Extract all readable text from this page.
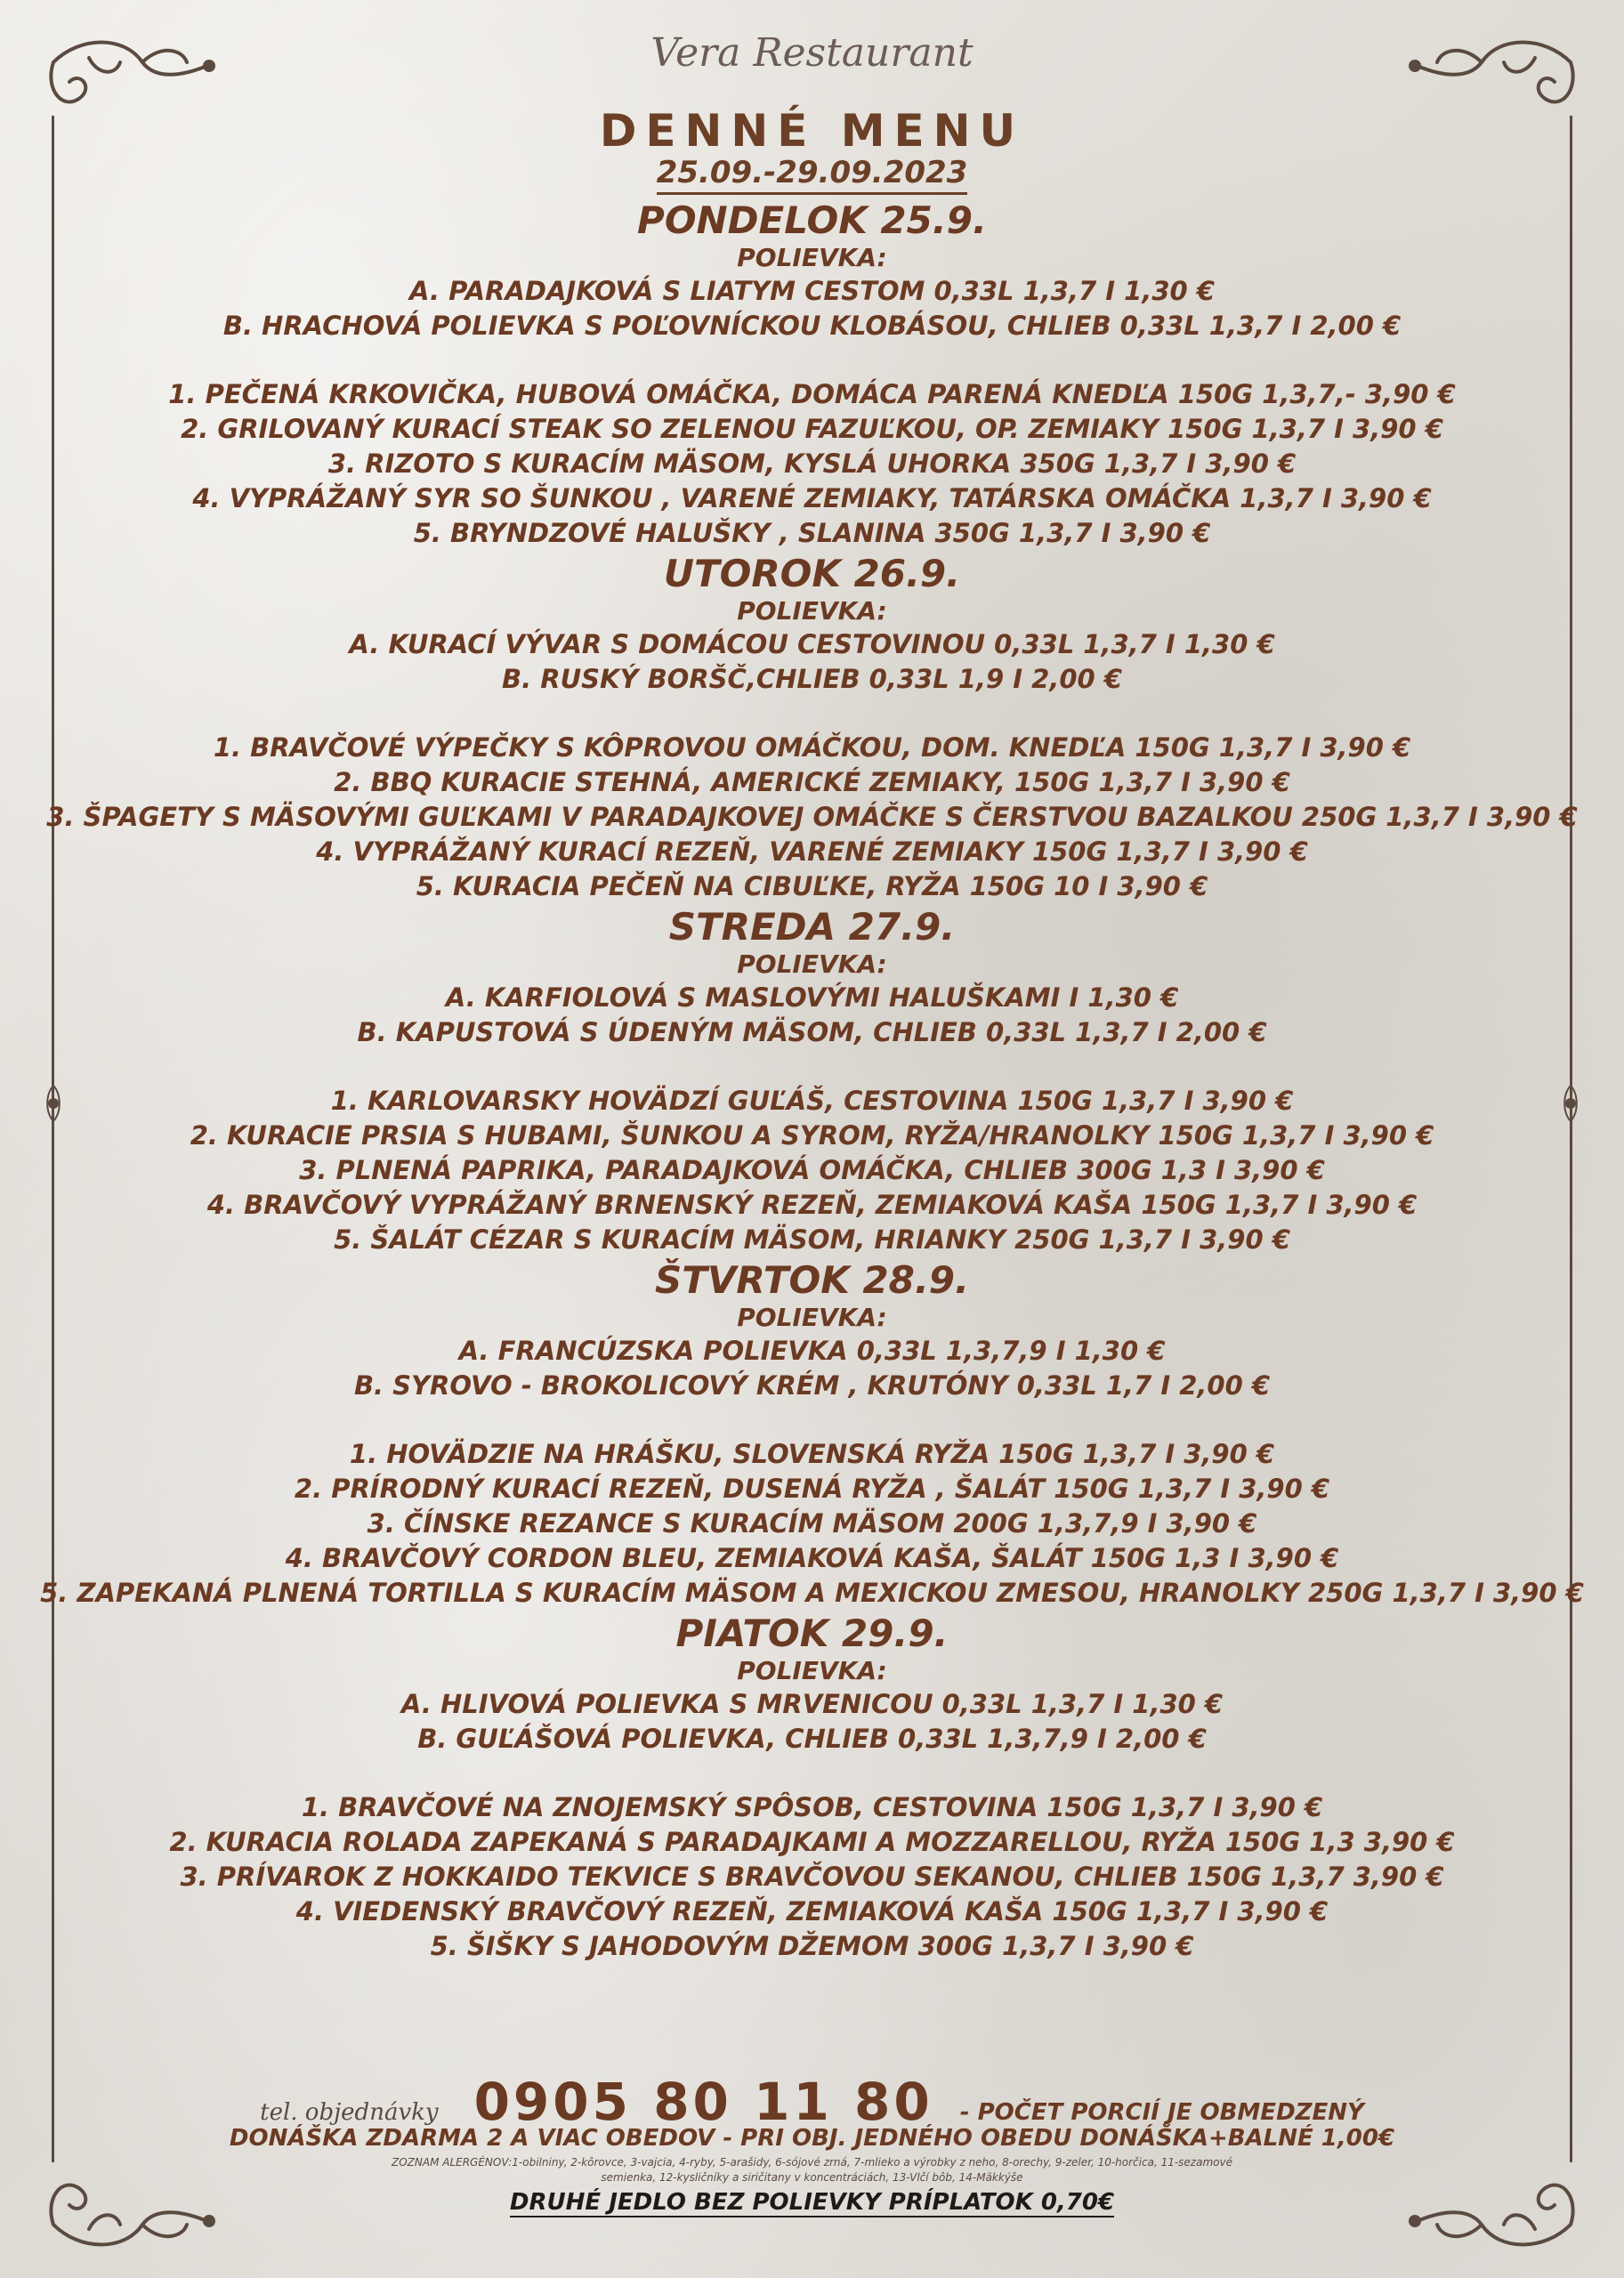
Vera Restaurant
DENNÉ MENU
25.09.-29.09.2023
PONDELOK 25.9.
POLIEVKA:
A. PARADAJKOVÁ S LIATYM CESTOM 0,33L 1,3,7 I 1,30 €
B. HRACHOVÁ POLIEVKA S POĽOVNÍCKOU KLOBÁSOU, CHLIEB 0,33L 1,3,7 I 2,00 €
1. PEČENÁ KRKOVIČKA, HUBOVÁ OMÁČKA, DOMÁCA PARENÁ KNEDĽA 150G 1,3,7,- 3,90 €
2. GRILOVANÝ KURACÍ STEAK SO ZELENOU FAZUĽKOU, OP. ZEMIAKY 150G 1,3,7 I 3,90 €
3. RIZOTO S KURACÍM MÄSOM, KYSLÁ UHORKA 350G 1,3,7 I 3,90 €
4. VYPRÁŽANÝ SYR SO ŠUNKOU , VARENÉ ZEMIAKY, TATÁRSKA OMÁČKA 1,3,7 I 3,90 €
5. BRYNDZOVÉ HALUŠKY , SLANINA 350G 1,3,7 I 3,90 €
UTOROK 26.9.
POLIEVKA:
A. KURACÍ VÝVAR S DOMÁCOU CESTOVINOU 0,33L 1,3,7 I 1,30 €
B. RUSKÝ BORŠČ,CHLIEB 0,33L 1,9 I 2,00 €
1. BRAVČOVÉ VÝPEČKY S KÔPROVOU OMÁČKOU, DOM. KNEDĽA 150G 1,3,7 I 3,90 €
2. BBQ KURACIE STEHNÁ, AMERICKÉ ZEMIAKY, 150G 1,3,7 I 3,90 €
3. ŠPAGETY S MÄSOVÝMI GUĽKAMI V PARADAJKOVEJ OMÁČKE S ČERSTVOU BAZALKOU 250G 1,3,7 I 3,90 €
4. VYPRÁŽANÝ KURACÍ REZEŇ, VARENÉ ZEMIAKY 150G 1,3,7 I 3,90 €
5. KURACIA PEČEŇ NA CIBUĽKE, RYŽA 150G 10 I 3,90 €
STREDA 27.9.
POLIEVKA:
A. KARFIOLOVÁ S MASLOVÝMI HALUŠKAMI I 1,30 €
B. KAPUSTOVÁ S ÚDENÝM MÄSOM, CHLIEB 0,33L 1,3,7 I 2,00 €
1. KARLOVARSKY HOVÄDZÍ GUĽÁŠ, CESTOVINA 150G 1,3,7 I 3,90 €
2. KURACIE PRSIA S HUBAMI, ŠUNKOU A SYROM, RYŽA/HRANOLKY 150G 1,3,7 I 3,90 €
3. PLNENÁ PAPRIKA, PARADAJKOVÁ OMÁČKA, CHLIEB 300G 1,3 I 3,90 €
4. BRAVČOVÝ VYPRÁŽANÝ BRNENSKÝ REZEŇ, ZEMIAKOVÁ KAŠA 150G 1,3,7 I 3,90 €
5. ŠALÁT CÉZAR S KURACÍM MÄSOM, HRIANKY 250G 1,3,7 I 3,90 €
ŠTVRTOK 28.9.
POLIEVKA:
A. FRANCÚZSKA POLIEVKA 0,33L 1,3,7,9 I 1,30 €
B. SYROVO - BROKOLICOVÝ KRÉM , KRUTÓNY 0,33L 1,7 I 2,00 €
1. HOVÄDZIE NA HRÁŠKU, SLOVENSKÁ RYŽA 150G 1,3,7 I 3,90 €
2. PRÍRODNÝ KURACÍ REZEŇ, DUSENÁ RYŽA , ŠALÁT 150G 1,3,7 I 3,90 €
3. ČÍNSKE REZANCE S KURACÍM MÄSOM 200G 1,3,7,9 I 3,90 €
4. BRAVČOVÝ CORDON BLEU, ZEMIAKOVÁ KAŠA, ŠALÁT 150G 1,3 I 3,90 €
5. ZAPEKANÁ PLNENÁ TORTILLA S KURACÍM MÄSOM A MEXICKOU ZMESOU, HRANOLKY 250G 1,3,7 I 3,90 €
PIATOK 29.9.
POLIEVKA:
A. HLIVOVÁ POLIEVKA S MRVENICOU 0,33L 1,3,7 I 1,30 €
B. GUĽÁŠOVÁ POLIEVKA, CHLIEB 0,33L 1,3,7,9 I 2,00 €
1. BRAVČOVÉ NA ZNOJEMSKÝ SPÔSOB, CESTOVINA 150G 1,3,7 I 3,90 €
2. KURACIA ROLADA ZAPEKANÁ S PARADAJKAMI A MOZZARELLOU, RYŽA 150G 1,3 3,90 €
3. PRÍVAROK Z HOKKAIDO TEKVICE S BRAVČOVOU SEKANOU, CHLIEB 150G 1,3,7 3,90 €
4. VIEDENSKÝ BRAVČOVÝ REZEŇ, ZEMIAKOVÁ KAŠA 150G 1,3,7 I 3,90 €
5. ŠIŠKY S JAHODOVÝM DŽEMOM 300G 1,3,7 I 3,90 €
tel. objednávky 0905 80 11 80 - POČET PORCIÍ JE OBMEDZENÝ
DONÁŠKA ZDARMA 2 A VIAC OBEDOV - PRI OBJ. JEDNÉHO OBEDU DONÁŠKA+BALNÉ 1,00€
ZOZNAM ALERGÉNOV:1-obilniny, 2-kôrovce, 3-vajcia, 4-ryby, 5-arašidy, 6-sójové zrná, 7-mlieko a výrobky z neho, 8-orechy, 9-zeler, 10-horčica, 11-sezamové semienka, 12-kysličníky a siričitany v koncentráciách, 13-Vlčí bôb, 14-Mäkkýše
DRUHÉ JEDLO BEZ POLIEVKY PRÍPLATOK 0,70€
